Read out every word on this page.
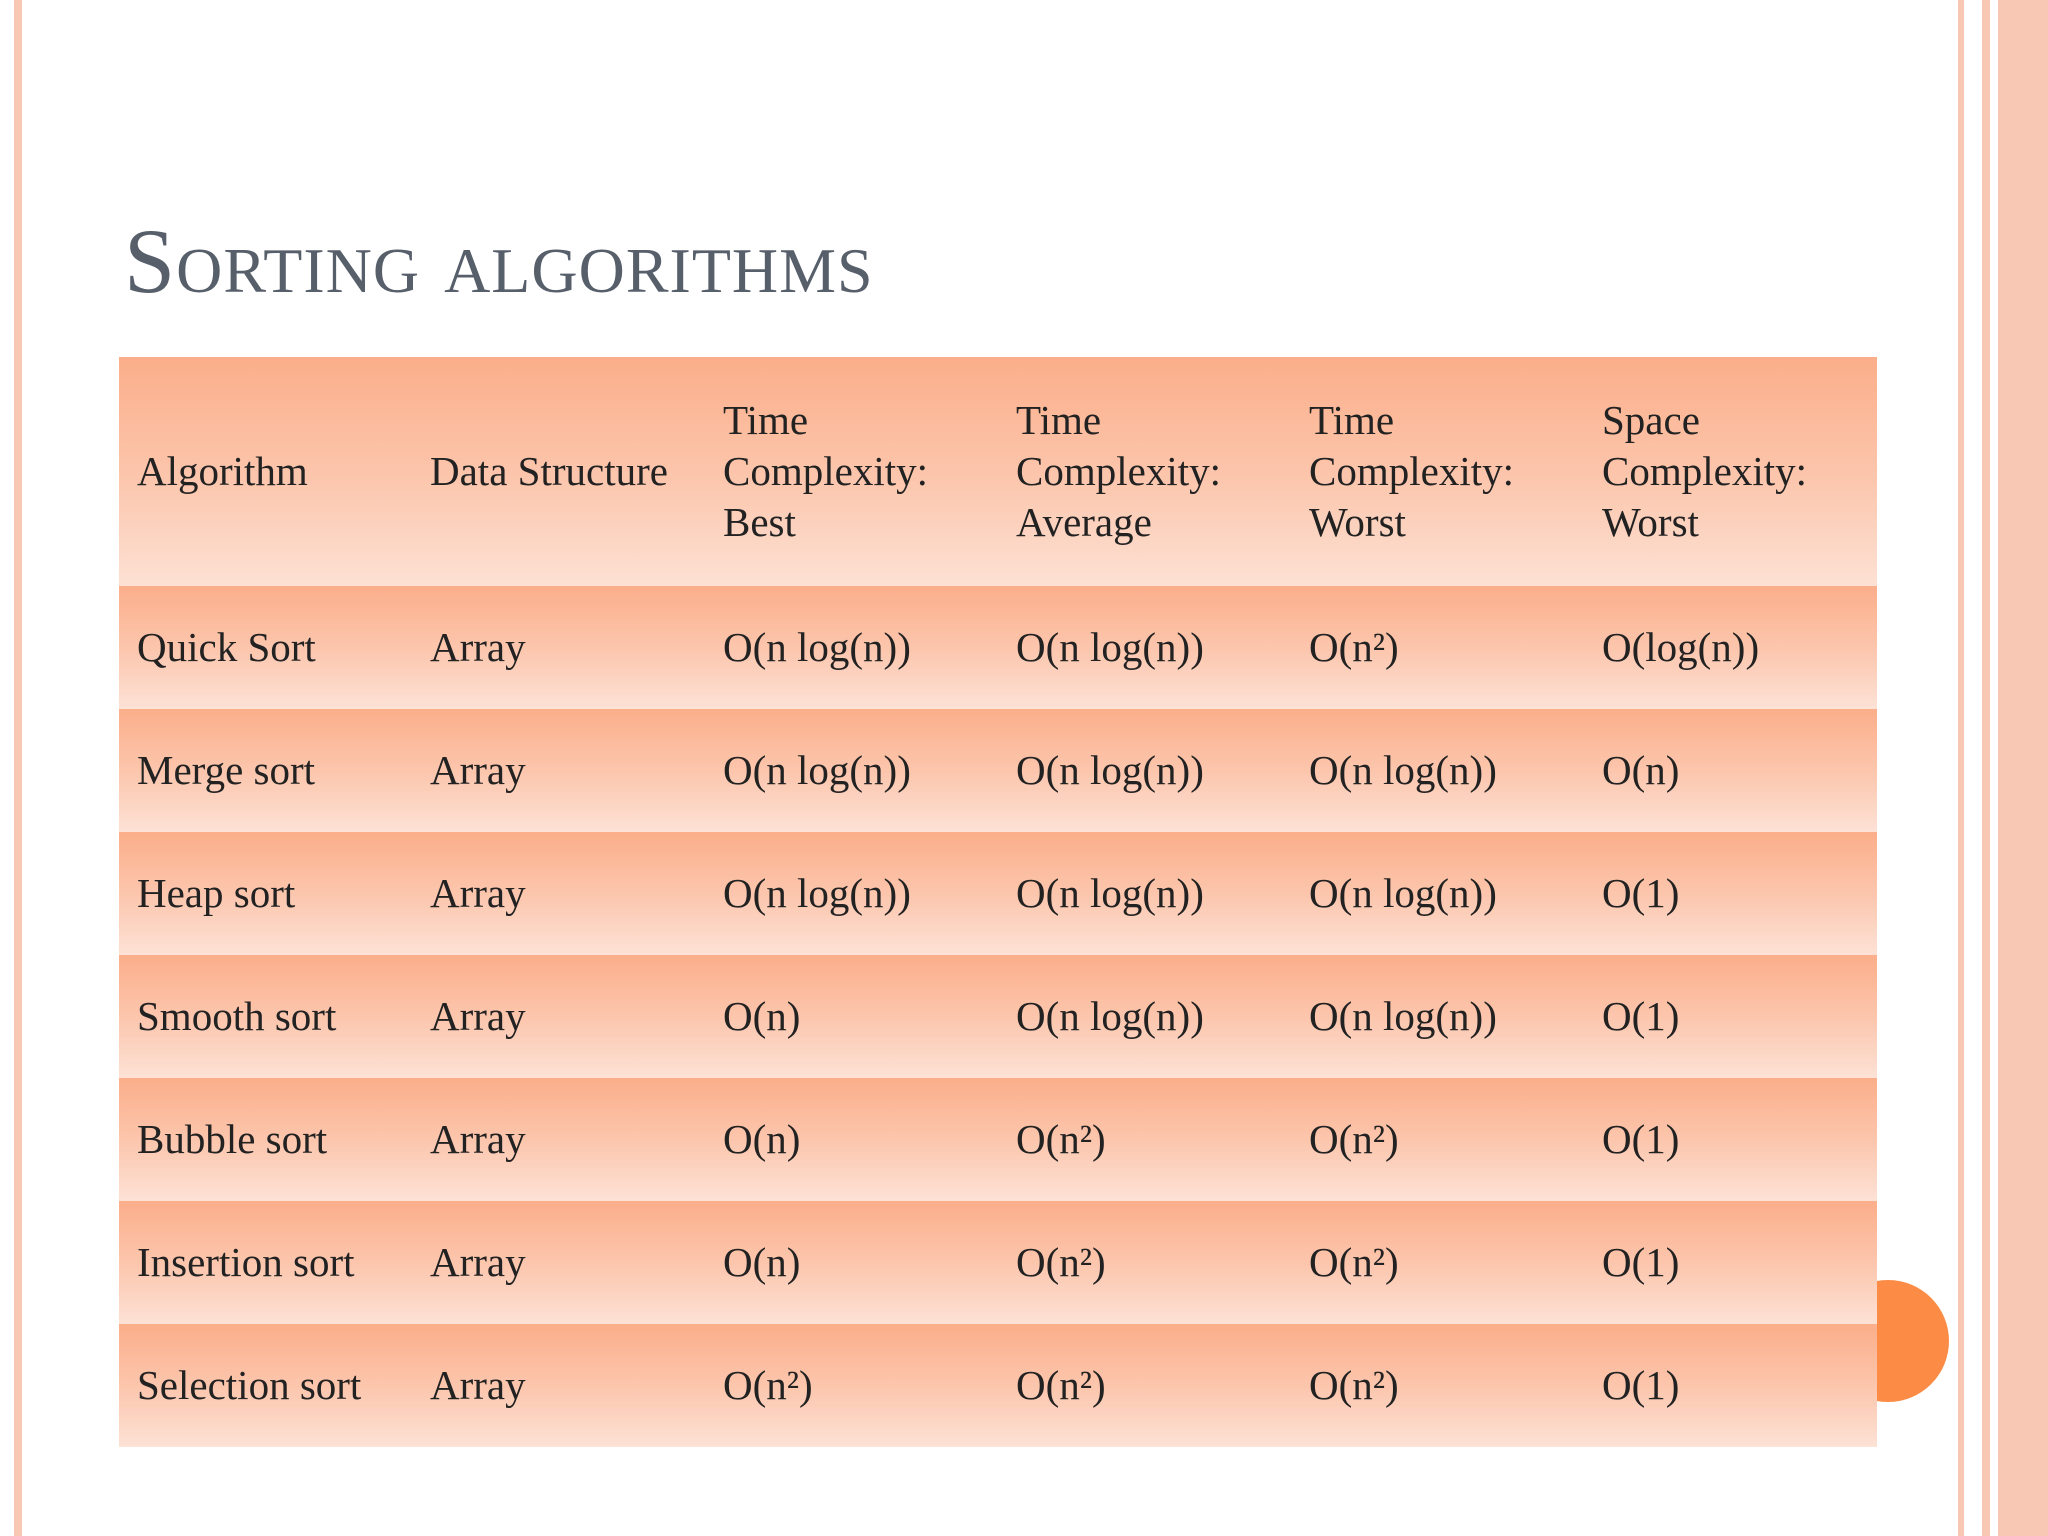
Sorting algorithms
Algorithm	Data Structure	Time Complexity: Best	Time Complexity: Average	Time Complexity: Worst	Space Complexity: Worst
Quick Sort	Array	O(n log(n))	O(n log(n))	O(n²)	O(log(n))
Merge sort	Array	O(n log(n))	O(n log(n))	O(n log(n))	O(n)
Heap sort	Array	O(n log(n))	O(n log(n))	O(n log(n))	O(1)
Smooth sort	Array	O(n)	O(n log(n))	O(n log(n))	O(1)
Bubble sort	Array	O(n)	O(n²)	O(n²)	O(1)
Insertion sort	Array	O(n)	O(n²)	O(n²)	O(1)
Selection sort	Array	O(n²)	O(n²)	O(n²)	O(1)
